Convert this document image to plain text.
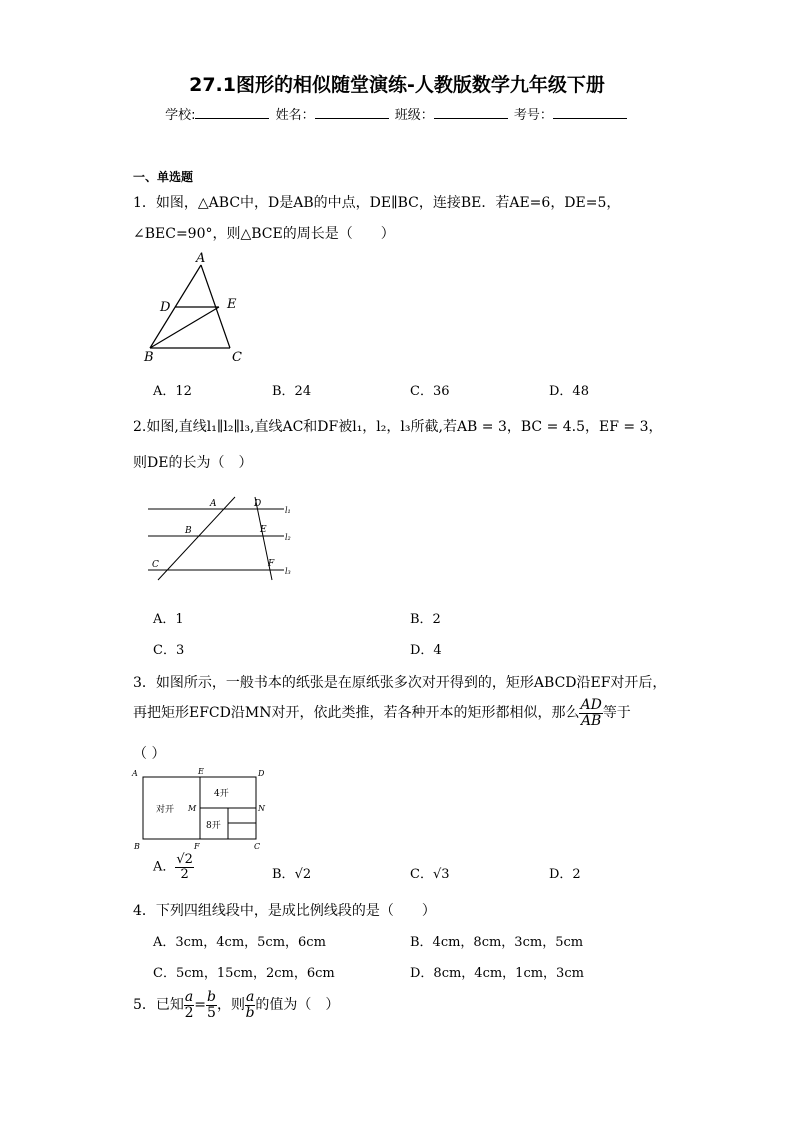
27.1图形的相似随堂演练-人教版数学九年级下册
学校:	姓名：	班级：	考号：
一、单选题
1．如图，△ABC中，D是AB的中点，DE∥BC，连接BE．若AE=6，DE=5，
∠BEC=90°，则△BCE的周长是（　　）
A
D	E
B	C
A．12	B．24	C．36	D．48
2.如图,直线l₁∥l₂∥l₃,直线AC和DF被l₁，l₂，l₃所截,若AB = 3，BC = 4.5，EF = 3，
则DE的长为（　）
A	D
B	E
C	F
l₁
l₂
l₃
A．1	B．2
C．3	D．4
3．如图所示，一般书本的纸张是在原纸张多次对开得到的，矩形ABCD沿EF对开后，
再把矩形EFCD沿MN对开，依此类推，若各种开本的矩形都相似，那么 $\frac{AD}{AB}$ 等于
（ ）
A	E	D
M	N
B	F	C
对开
4开
8开
A． $\frac{√2}{2}$	B．√2	C．√3	D．2
4．下列四组线段中，是成比例线段的是（　　）
A．3cm，4cm，5cm，6cm	B．4cm，8cm，3cm，5cm
C．5cm，15cm，2cm，6cm	D．8cm，4cm，1cm，3cm
5．已知 $\frac{a}{2} = \frac{b}{5}$ ，则 $\frac{a}{b}$ 的值为（　）
